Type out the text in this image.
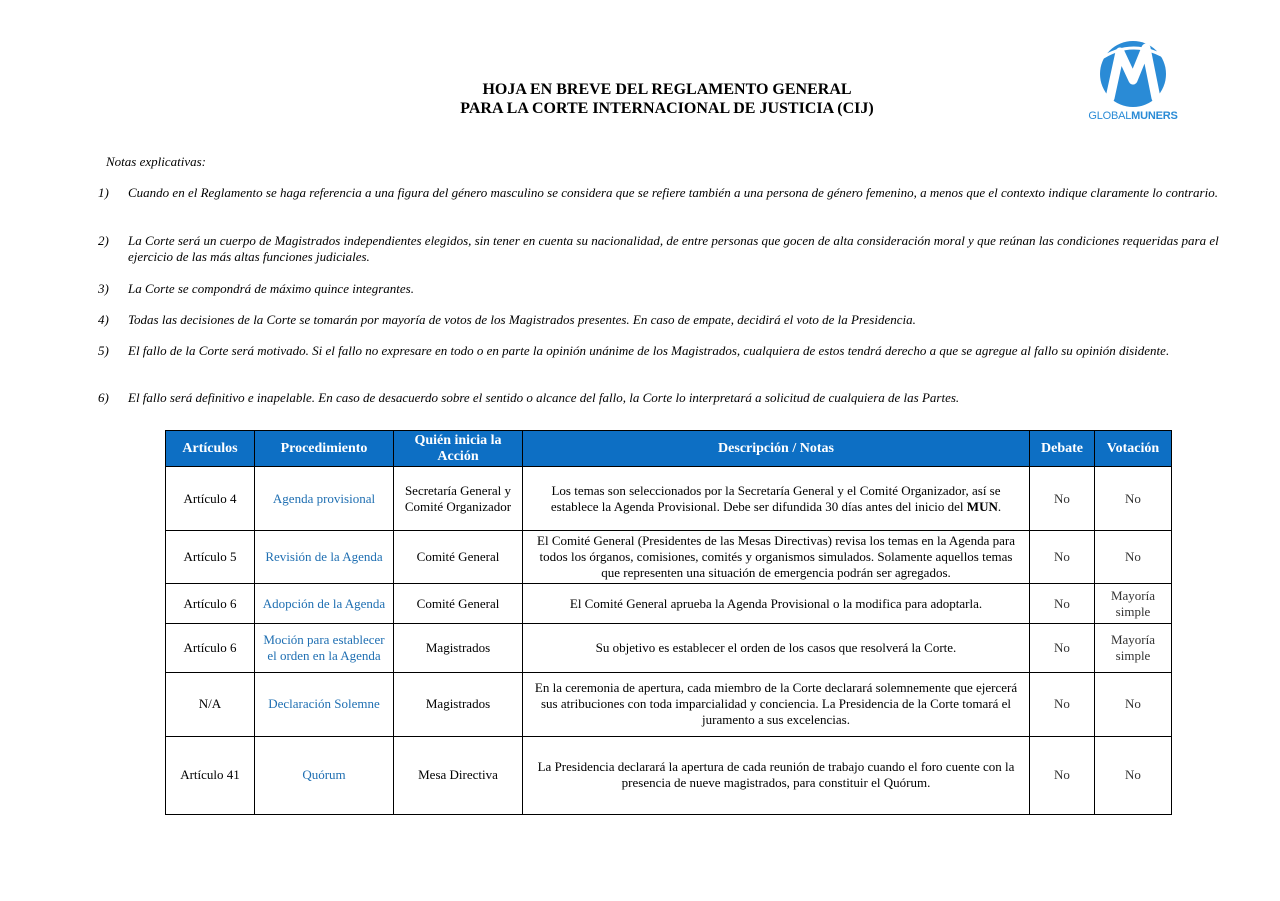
HOJA EN BREVE DEL REGLAMENTO GENERAL
PARA LA CORTE INTERNACIONAL DE JUSTICIA (CIJ)	GLOBALMUNERS
Notas explicativas:
1)	Cuando en el Reglamento se haga referencia a una figura del género masculino se considera que se refiere también a una persona de género femenino, a menos que el contexto indique claramente lo contrario.
2)	La Corte será un cuerpo de Magistrados independientes elegidos, sin tener en cuenta su nacionalidad, de entre personas que gocen de alta consideración moral y que reúnan las condiciones requeridas para el ejercicio de las más altas funciones judiciales.
3)	La Corte se compondrá de máximo quince integrantes.
4)	Todas las decisiones de la Corte se tomarán por mayoría de votos de los Magistrados presentes. En caso de empate, decidirá el voto de la Presidencia.
5)	El fallo de la Corte será motivado. Si el fallo no expresare en todo o en parte la opinión unánime de los Magistrados, cualquiera de estos tendrá derecho a que se agregue al fallo su opinión disidente.
6)	El fallo será definitivo e inapelable. En caso de desacuerdo sobre el sentido o alcance del fallo, la Corte lo interpretará a solicitud de cualquiera de las Partes.
Artículos	Procedimiento	Quién inicia la Acción	Descripción / Notas	Debate	Votación
Artículo 4	Agenda provisional	Secretaría General y Comité Organizador	Los temas son seleccionados por la Secretaría General y el Comité Organizador, así se establece la Agenda Provisional. Debe ser difundida 30 días antes del inicio del MUN.	No	No
Artículo 5	Revisión de la Agenda	Comité General	El Comité General (Presidentes de las Mesas Directivas) revisa los temas en la Agenda para todos los órganos, comisiones, comités y organismos simulados. Solamente aquellos temas que representen una situación de emergencia podrán ser agregados.	No	No
Artículo 6	Adopción de la Agenda	Comité General	El Comité General aprueba la Agenda Provisional o la modifica para adoptarla.	No	Mayoría simple
Artículo 6	Moción para establecer el orden en la Agenda	Magistrados	Su objetivo es establecer el orden de los casos que resolverá la Corte.	No	Mayoría simple
N/A	Declaración Solemne	Magistrados	En la ceremonia de apertura, cada miembro de la Corte declarará solemnemente que ejercerá sus atribuciones con toda imparcialidad y conciencia. La Presidencia de la Corte tomará el juramento a sus excelencias.	No	No
Artículo 41	Quórum	Mesa Directiva	La Presidencia declarará la apertura de cada reunión de trabajo cuando el foro cuente con la presencia de nueve magistrados, para constituir el Quórum.	No	No
